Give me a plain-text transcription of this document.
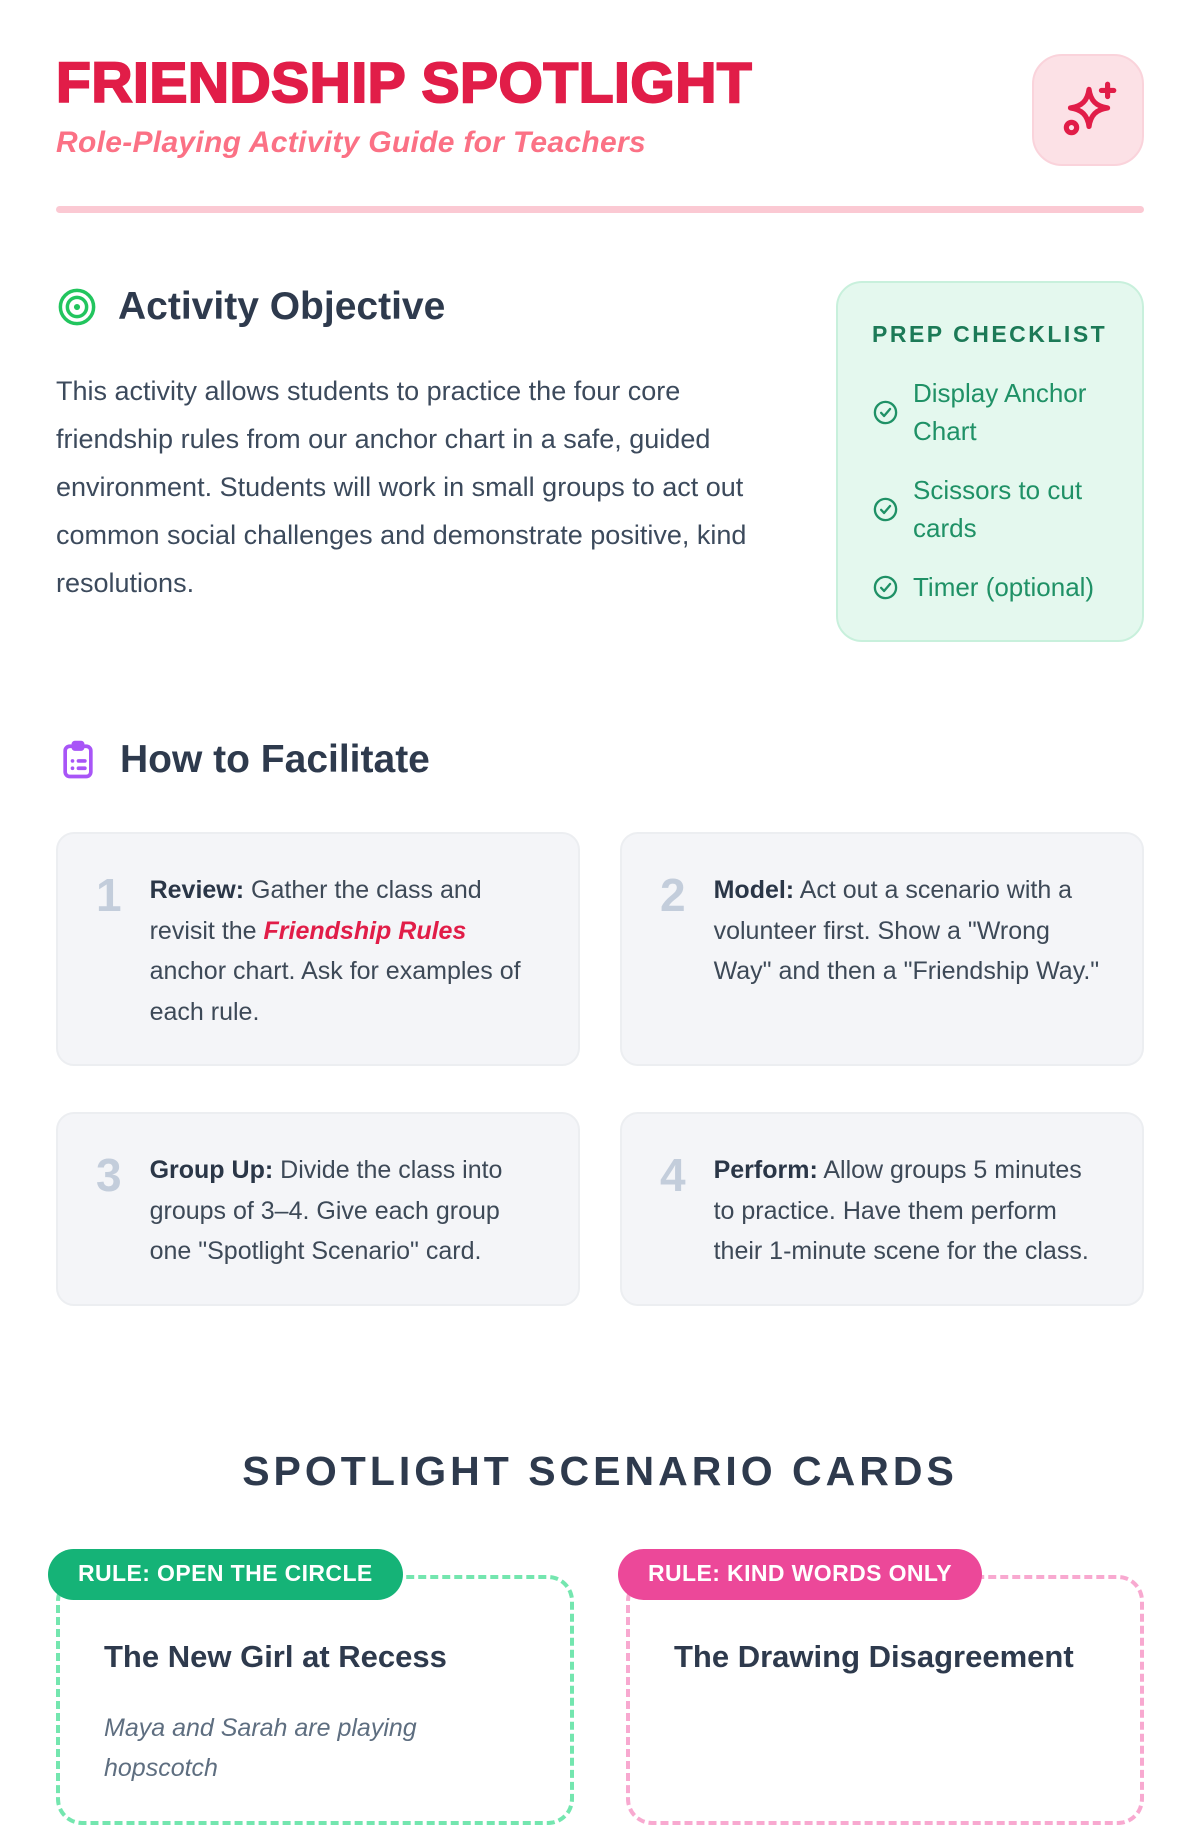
FRIENDSHIP SPOTLIGHT
Role-Playing Activity Guide for Teachers
Activity Objective

This activity allows students to practice the four core friendship rules from our anchor chart in a safe, guided environment. Students will work in small groups to act out common social challenges and demonstrate positive, kind resolutions.

PREP CHECKLIST
Display Anchor Chart
Scissors to cut cards
Timer (optional)
How to Facilitate
1 Review: Gather the class and revisit the Friendship Rules anchor chart. Ask for examples of each rule.
2 Model: Act out a scenario with a volunteer first. Show a "Wrong Way" and then a "Friendship Way."
3 Group Up: Divide the class into groups of 3–4. Give each group one "Spotlight Scenario" card.
4 Perform: Allow groups 5 minutes to practice. Have them perform their 1-minute scene for the class.
SPOTLIGHT SCENARIO CARDS
RULE: OPEN THE CIRCLE
The New Girl at Recess
Maya and Sarah are playing hopscotch
RULE: KIND WORDS ONLY
The Drawing Disagreement
